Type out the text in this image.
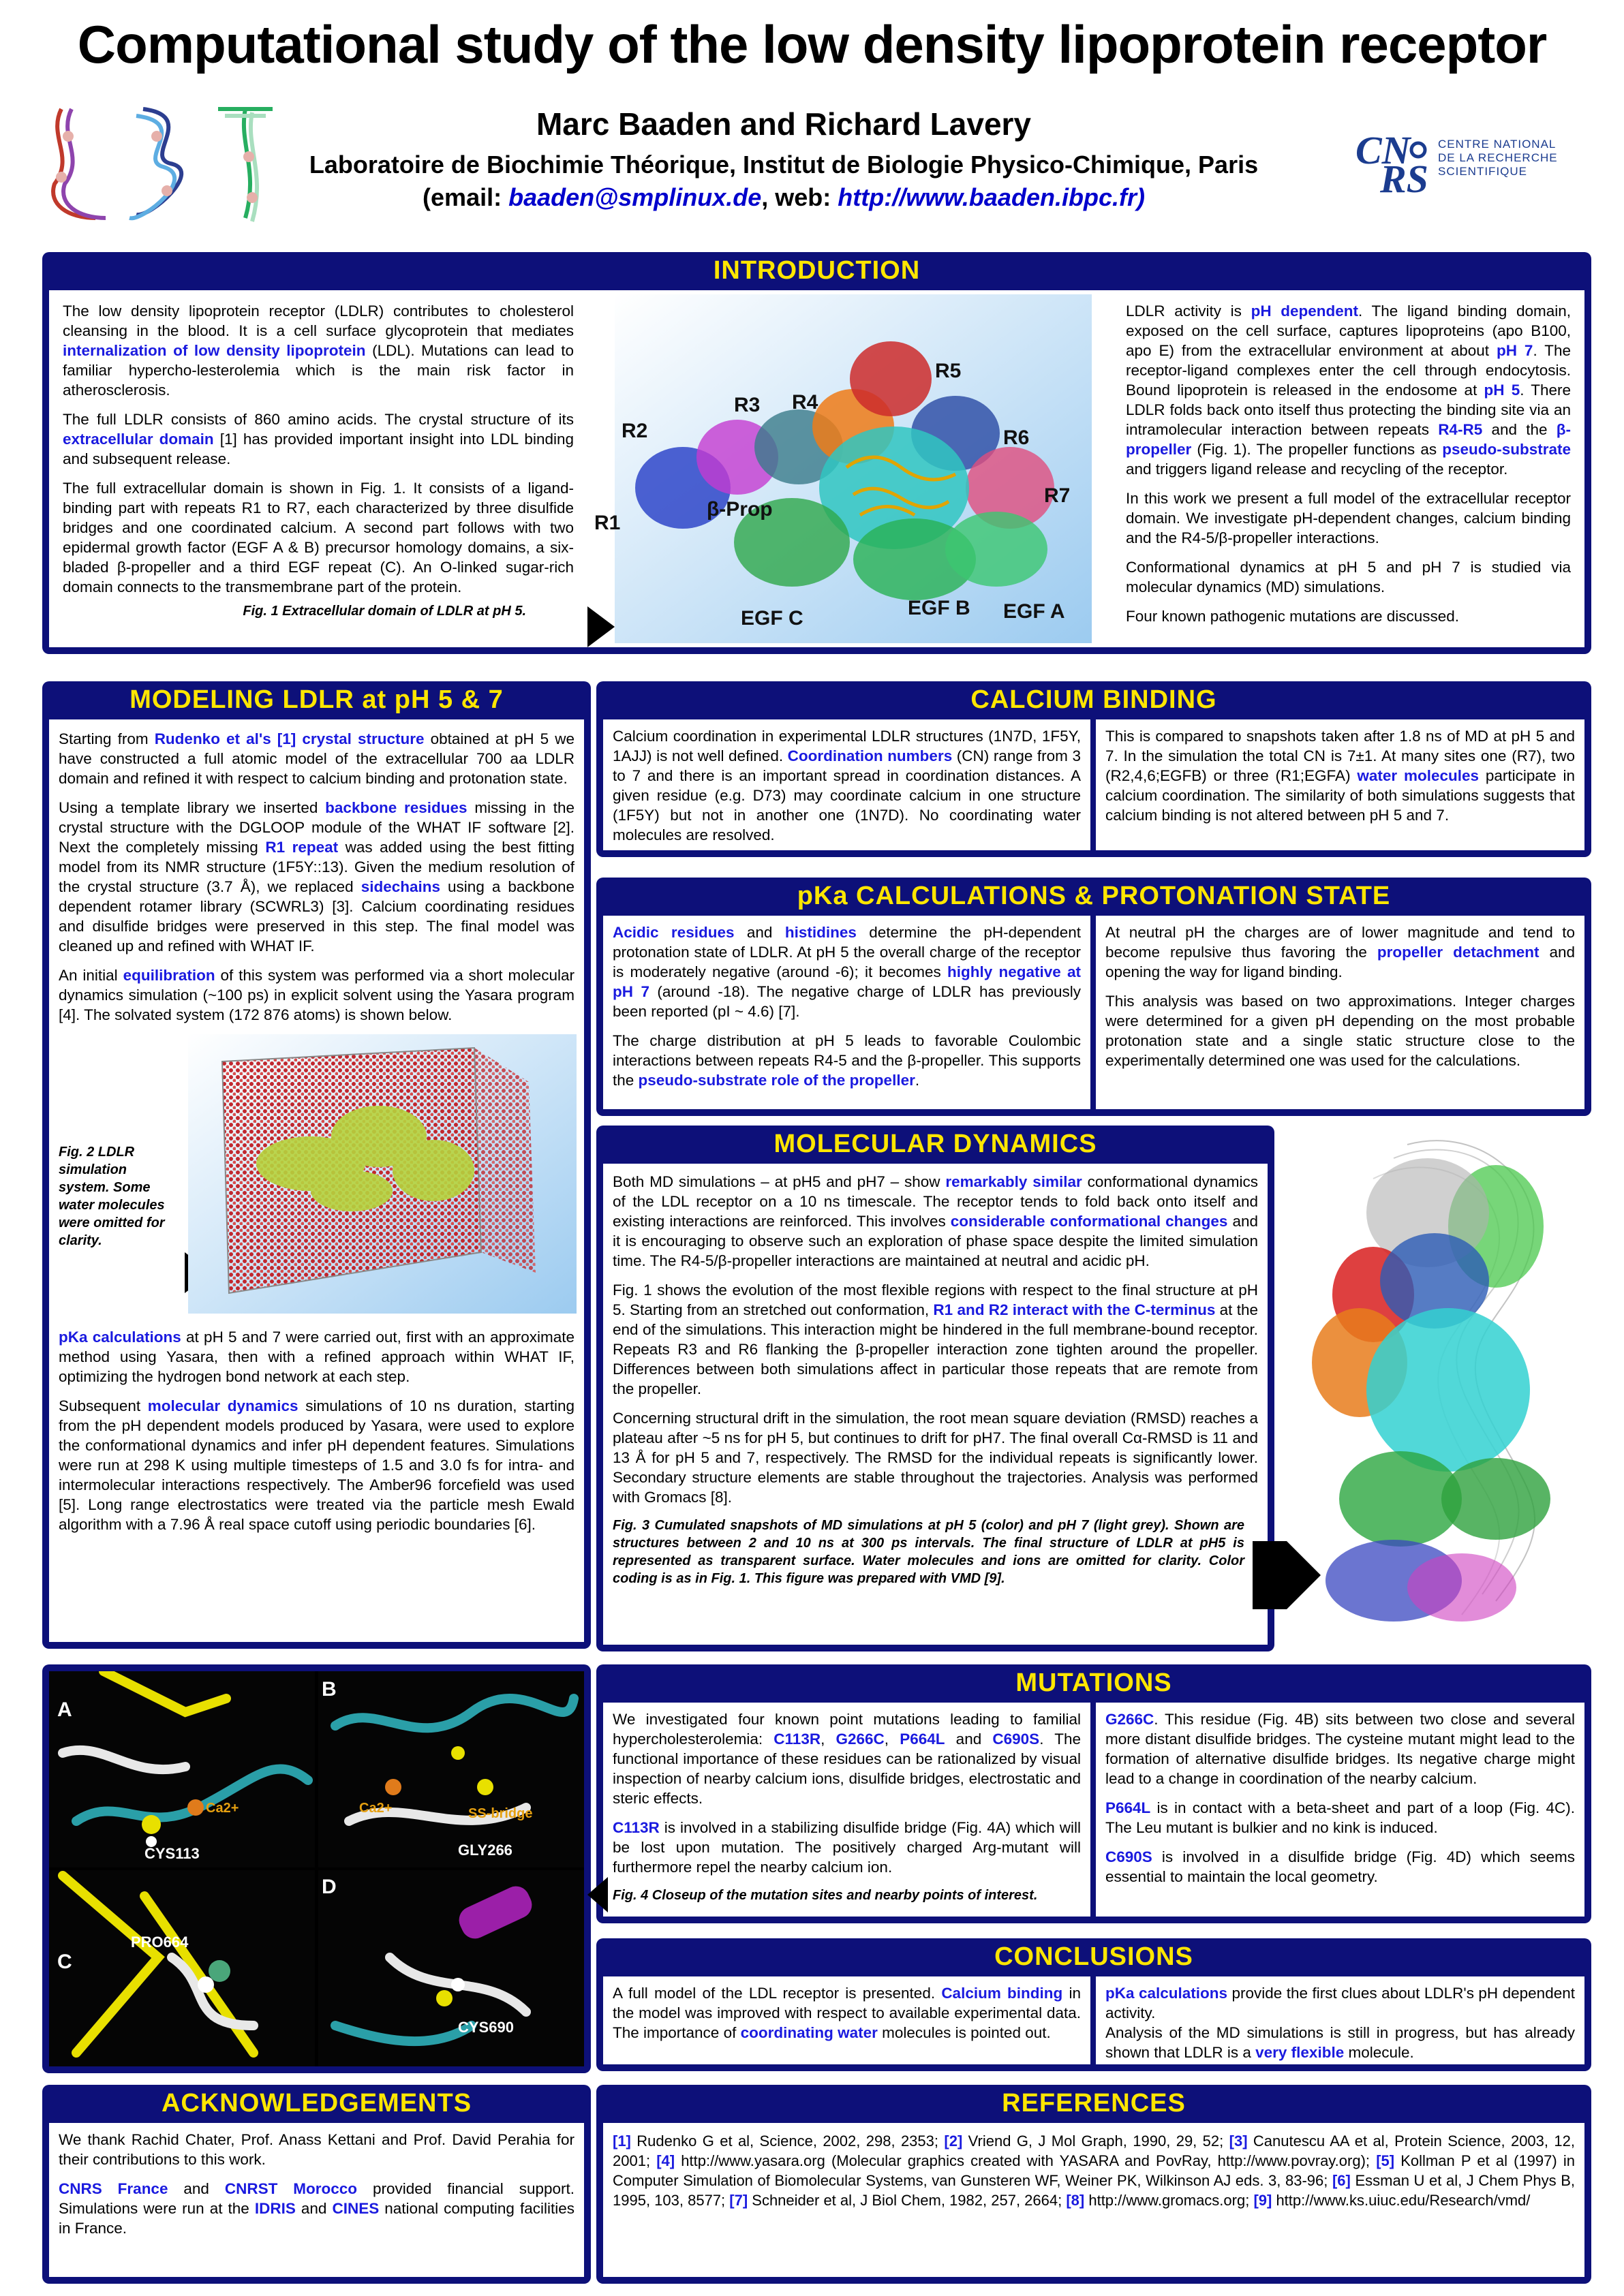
Computational study of the low density lipoprotein receptor
Marc Baaden and Richard Lavery
Laboratoire de Biochimie Théorique, Institut de Biologie Physico-Chimique, Paris
(email: baaden@smplinux.de, web: http://www.baaden.ibpc.fr)
CN
RS
CENTRE NATIONAL
DE LA RECHERCHE
SCIENTIFIQUE
INTRODUCTION

The low density lipoprotein receptor (LDLR) contributes to cholesterol cleansing in the blood. It is a cell surface glycoprotein that mediates internalization of low density lipoprotein (LDL). Mutations can lead to familiar hypercho-lesterolemia which is the main risk factor in atherosclerosis.

The full LDLR consists of 860 amino acids. The crystal structure of its extracellular domain [1] has provided important insight into LDL binding and subsequent release.

The full extracellular domain is shown in Fig. 1. It consists of a ligand-binding part with repeats R1 to R7, each characterized by three disulfide bridges and one coordinated calcium. A second part follows with two epidermal growth factor (EGF A & B) precursor homology domains, a six-bladed β-propeller and a third EGF repeat (C). An O-linked sugar-rich domain connects to the transmembrane part of the protein.

Fig. 1 Extracellular domain of LDLR at pH 5.
R1
R2
R3 R4
R5
R6
R7
β-Prop
EGF C	EGF B EGF A

LDLR activity is pH dependent. The ligand binding domain, exposed on the cell surface, captures lipoproteins (apo B100, apo E) from the extracellular environment at about pH 7. The receptor-ligand complexes enter the cell through endocytosis. Bound lipoprotein is released in the endosome at pH 5. There LDLR folds back onto itself thus protecting the binding site via an intramolecular interaction between repeats R4-R5 and the β-propeller (Fig. 1). The propeller functions as pseudo-substrate and triggers ligand release and recycling of the receptor.

In this work we present a full model of the extracellular receptor domain. We investigate pH-dependent changes, calcium binding and the R4-5/β-propeller interactions.

Conformational dynamics at pH 5 and pH 7 is studied via molecular dynamics (MD) simulations.

Four known pathogenic mutations are discussed.

MODELING LDLR at pH 5 & 7

Starting from Rudenko et al's [1] crystal structure obtained at pH 5 we have constructed a full atomic model of the extracellular 700 aa LDLR domain and refined it with respect to calcium binding and protonation state.

Using a template library we inserted backbone residues missing in the crystal structure with the DGLOOP module of the WHAT IF software [2]. Next the completely missing R1 repeat was added using the best fitting model from its NMR structure (1F5Y::13). Given the medium resolution of the crystal structure (3.7 Å), we replaced sidechains using a backbone dependent rotamer library (SCWRL3) [3]. Calcium coordinating residues and disulfide bridges were preserved in this step. The final model was cleaned up and refined with WHAT IF.

An initial equilibration of this system was performed via a short molecular dynamics simulation (~100 ps) in explicit solvent using the Yasara program [4]. The solvated system (172 876 atoms) is shown below.

Fig. 2 LDLR simulation system. Some water molecules were omitted for clarity.

pKa calculations at pH 5 and 7 were carried out, first with an approximate method using Yasara, then with a refined approach within WHAT IF, optimizing the hydrogen bond network at each step.

Subsequent molecular dynamics simulations of 10 ns duration, starting from the pH dependent models produced by Yasara, were used to explore the conformational dynamics and infer pH dependent features. Simulations were run at 298 K using multiple timesteps of 1.5 and 3.0 fs for intra- and intermolecular interactions respectively. The Amber96 forcefield was used [5]. Long range electrostatics were treated via the particle mesh Ewald algorithm with a 7.96 Å real space cutoff using periodic boundaries [6].

CALCIUM BINDING
Calcium coordination in experimental LDLR structures (1N7D, 1F5Y, 1AJJ) is not well defined. Coordination numbers (CN) range from 3 to 7 and there is an important spread in coordination distances. A given residue (e.g. D73) may coordinate calcium in one structure (1F5Y) but not in another one (1N7D). No coordinating water molecules are resolved.
This is compared to snapshots taken after 1.8 ns of MD at pH 5 and 7. In the simulation the total CN is 7±1. At many sites one (R7), two (R2,4,6;EGFB) or three (R1;EGFA) water molecules participate in calcium coordination. The similarity of both simulations suggests that calcium binding is not altered between pH 5 and 7.
pKa CALCULATIONS & PROTONATION STATE

Acidic residues and histidines determine the pH-dependent protonation state of LDLR. At pH 5 the overall charge of the receptor is moderately negative (around -6); it becomes highly negative at pH 7 (around -18). The negative charge of LDLR has previously been reported (pI ~ 4.6) [7].

The charge distribution at pH 5 leads to favorable Coulombic interactions between repeats R4-5 and the β-propeller. This supports the pseudo-substrate role of the propeller.

At neutral pH the charges are of lower magnitude and tend to become repulsive thus favoring the propeller detachment and opening the way for ligand binding.

This analysis was based on two approximations. Integer charges were determined for a given pH depending on the most probable protonation state and a single static structure close to the experimentally determined one was used for the calculations.

MOLECULAR DYNAMICS

Both MD simulations – at pH5 and pH7 – show remarkably similar conformational dynamics of the LDL receptor on a 10 ns timescale. The receptor tends to fold back onto itself and existing interactions are reinforced. This involves considerable conformational changes and it is encouraging to observe such an exploration of phase space despite the limited simulation time. The R4-5/β-propeller interactions are maintained at neutral and acidic pH.

Fig. 1 shows the evolution of the most flexible regions with respect to the final structure at pH 5. Starting from an stretched out conformation, R1 and R2 interact with the C-terminus at the end of the simulations. This interaction might be hindered in the full membrane-bound receptor. Repeats R3 and R6 flanking the β-propeller interaction zone tighten around the propeller. Differences between both simulations affect in particular those repeats that are remote from the propeller.

Concerning structural drift in the simulation, the root mean square deviation (RMSD) reaches a plateau after ~5 ns for pH 5, but continues to drift for pH7. The final overall Cα-RMSD is 11 and 13 Å for pH 5 and 7, respectively. The RMSD for the individual repeats is significantly lower. Secondary structure elements are stable throughout the trajectories. Analysis was performed with Gromacs [8].

Fig. 3 Cumulated snapshots of MD simulations at pH 5 (color) and pH 7 (light grey). Shown are structures between 2 and 10 ns at 300 ps intervals. The final structure of LDLR at pH5 is represented as transparent surface. Water molecules and ions are omitted for clarity. Color coding is as in Fig. 1. This figure was prepared with VMD [9].
A
B
C
D
Ca2+	Ca2+	SS-bridge
CYS113	GLY266
PRO664
CYS690
MUTATIONS

We investigated four known point mutations leading to familial hypercholesterolemia: C113R, G266C, P664L and C690S. The functional importance of these residues can be rationalized by visual inspection of nearby calcium ions, disulfide bridges, electrostatic and steric effects.

C113R is involved in a stabilizing disulfide bridge (Fig. 4A) which will be lost upon mutation. The positively charged Arg-mutant will furthermore repel the nearby calcium ion.

Fig. 4 Closeup of the mutation sites and nearby points of interest.

G266C. This residue (Fig. 4B) sits between two close and several more distant disulfide bridges. The cysteine mutant might lead to the formation of alternative disulfide bridges. Its negative charge might lead to a change in coordination of the nearby calcium.

P664L is in contact with a beta-sheet and part of a loop (Fig. 4C). The Leu mutant is bulkier and no kink is induced.

C690S is involved in a disulfide bridge (Fig. 4D) which seems essential to maintain the local geometry.

CONCLUSIONS
A full model of the LDL receptor is presented. Calcium binding in the model was improved with respect to available experimental data. The importance of coordinating water molecules is pointed out.
pKa calculations provide the first clues about LDLR's pH dependent activity.
Analysis of the MD simulations is still in progress, but has already shown that LDLR is a very flexible molecule.
ACKNOWLEDGEMENTS

We thank Rachid Chater, Prof. Anass Kettani and Prof. David Perahia for their contributions to this work.

CNRS France and CNRST Morocco provided financial support. Simulations were run at the IDRIS and CINES national computing facilities in France.

REFERENCES
[1] Rudenko G et al, Science, 2002, 298, 2353; [2] Vriend G, J Mol Graph, 1990, 29, 52; [3] Canutescu AA et al, Protein Science, 2003, 12, 2001; [4] http://www.yasara.org (Molecular graphics created with YASARA and PovRay, http://www.povray.org); [5] Kollman P et al (1997) in Computer Simulation of Biomolecular Systems, van Gunsteren WF, Weiner PK, Wilkinson AJ eds. 3, 83-96; [6] Essman U et al, J Chem Phys B, 1995, 103, 8577; [7] Schneider et al, J Biol Chem, 1982, 257, 2664; [8] http://www.gromacs.org; [9] http://www.ks.uiuc.edu/Research/vmd/
